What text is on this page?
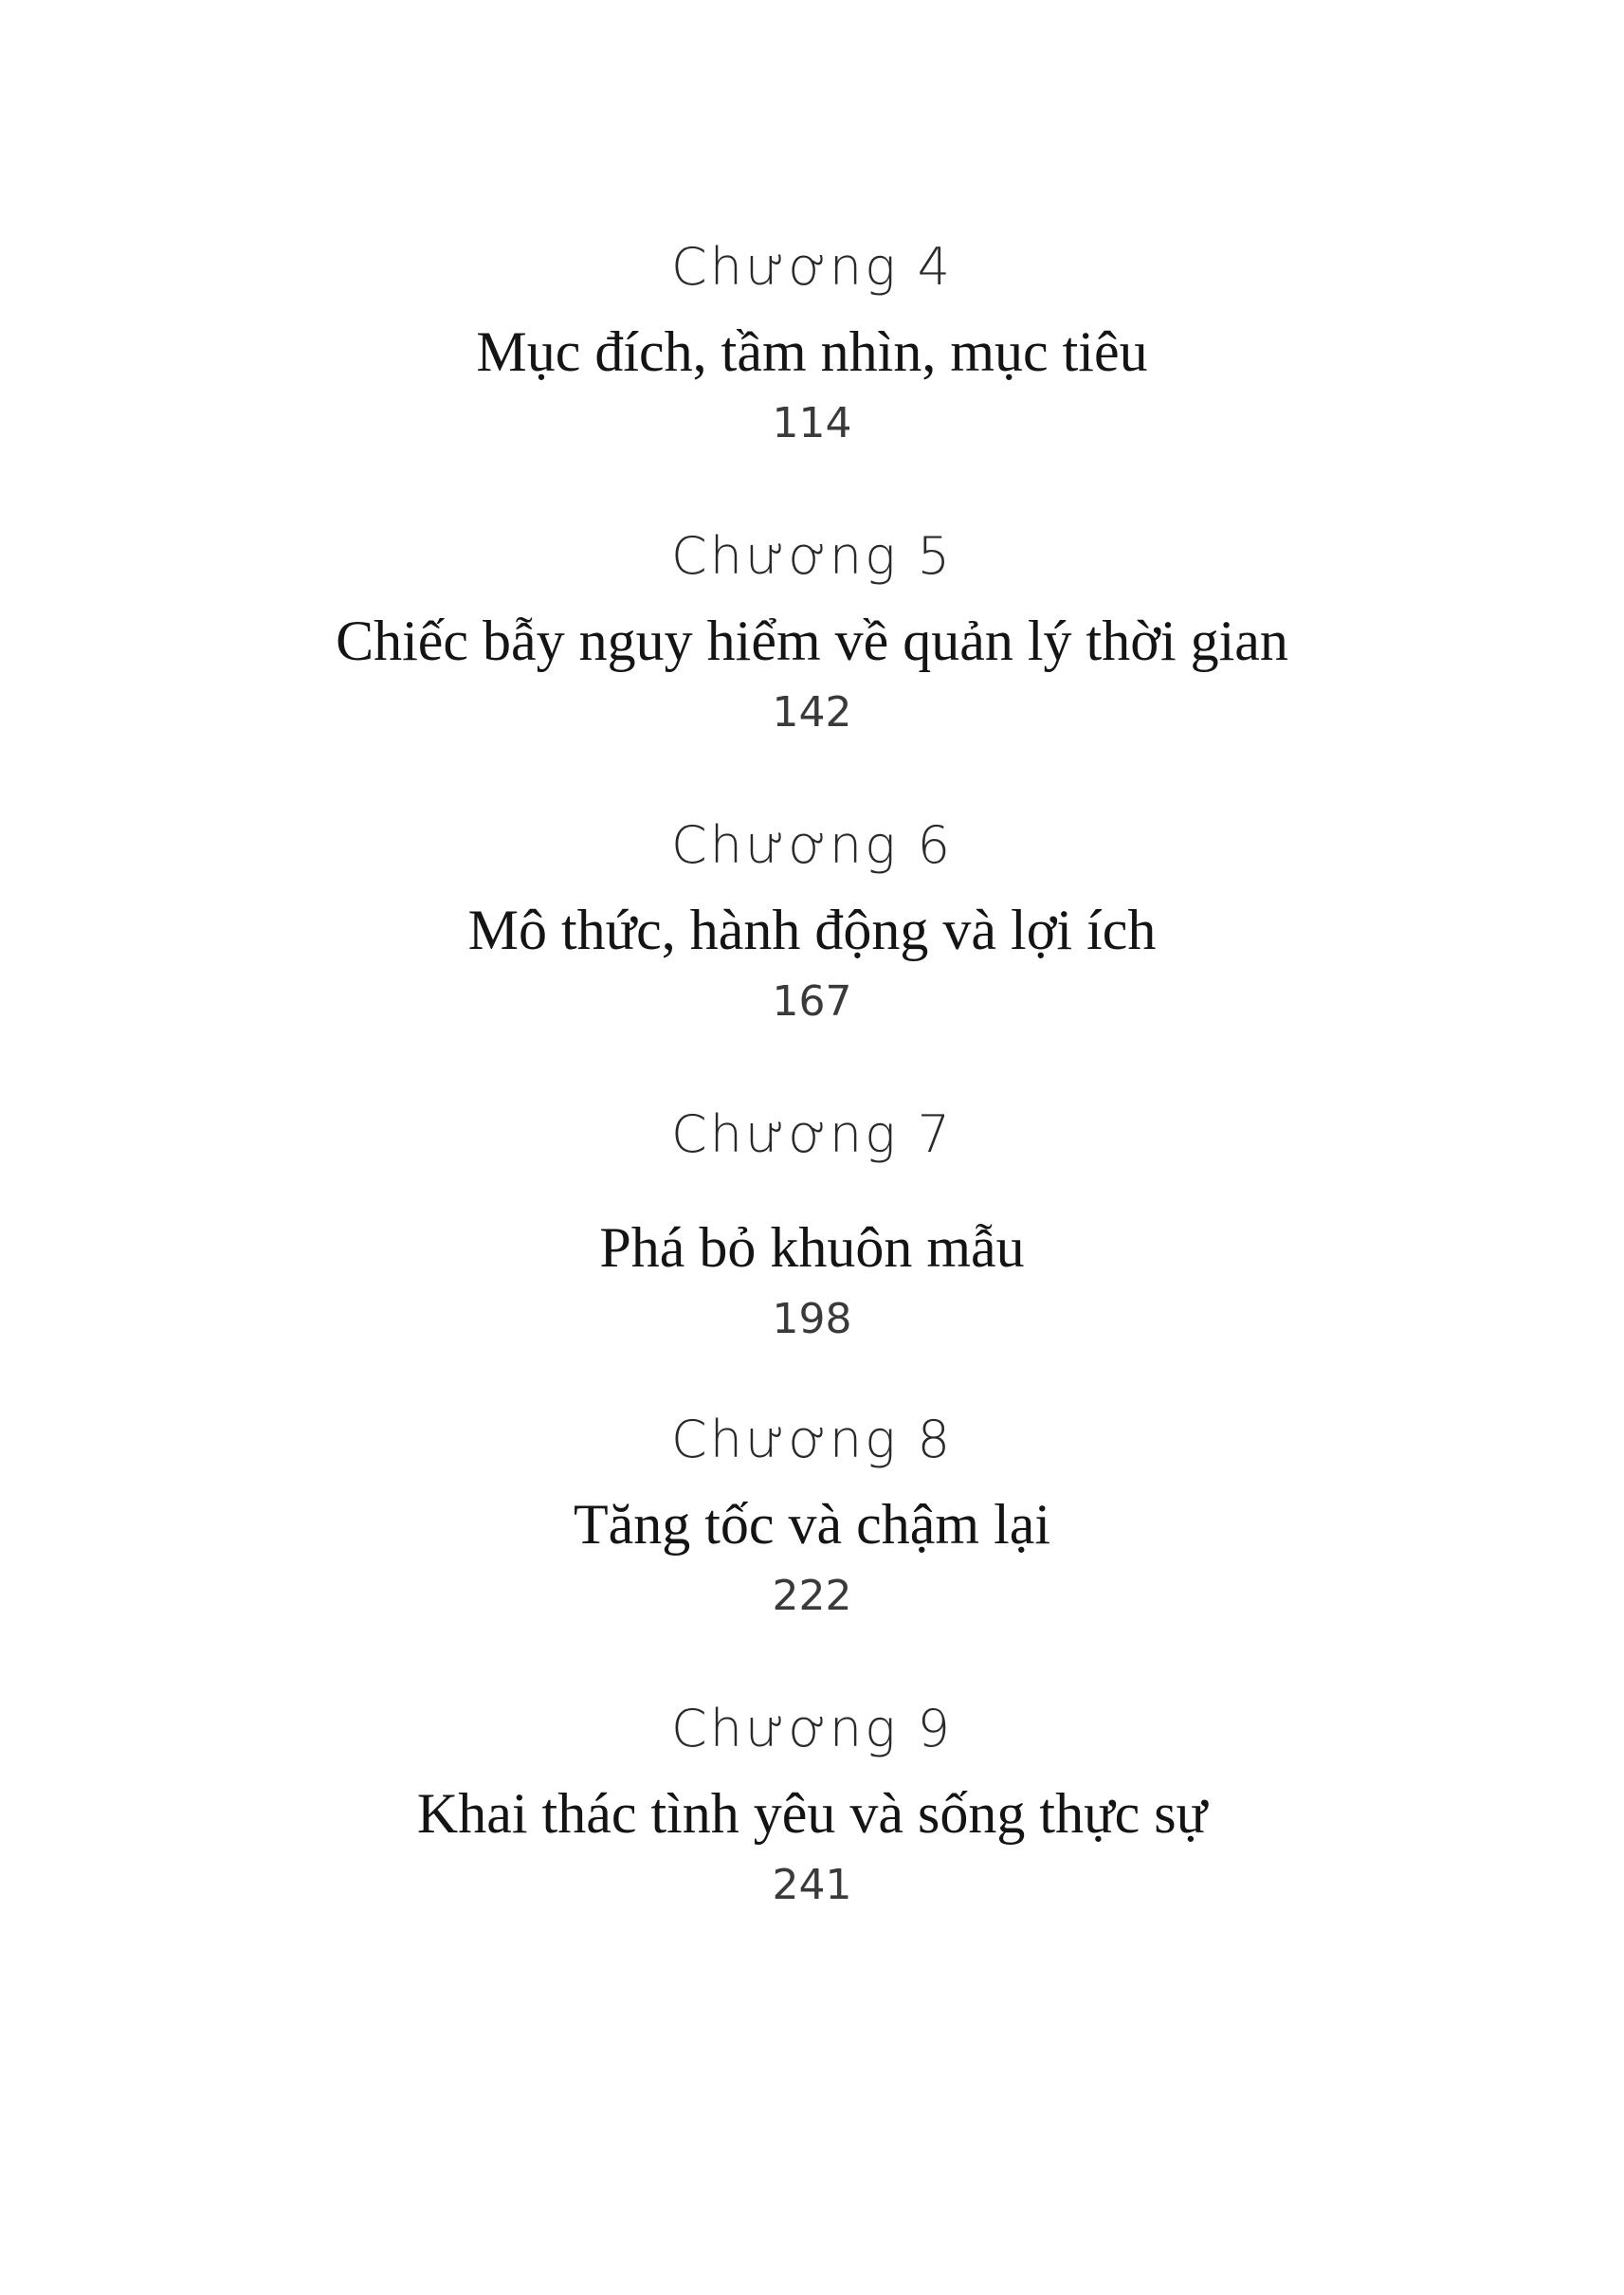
Chương 4
Mục đích, tầm nhìn, mục tiêu
114
Chương 5
Chiếc bẫy nguy hiểm về quản lý thời gian
142
Chương 6
Mô thức, hành động và lợi ích
167
Chương 7
Phá bỏ khuôn mẫu
198
Chương 8
Tăng tốc và chậm lại
222
Chương 9
Khai thác tình yêu và sống thực sự
241
